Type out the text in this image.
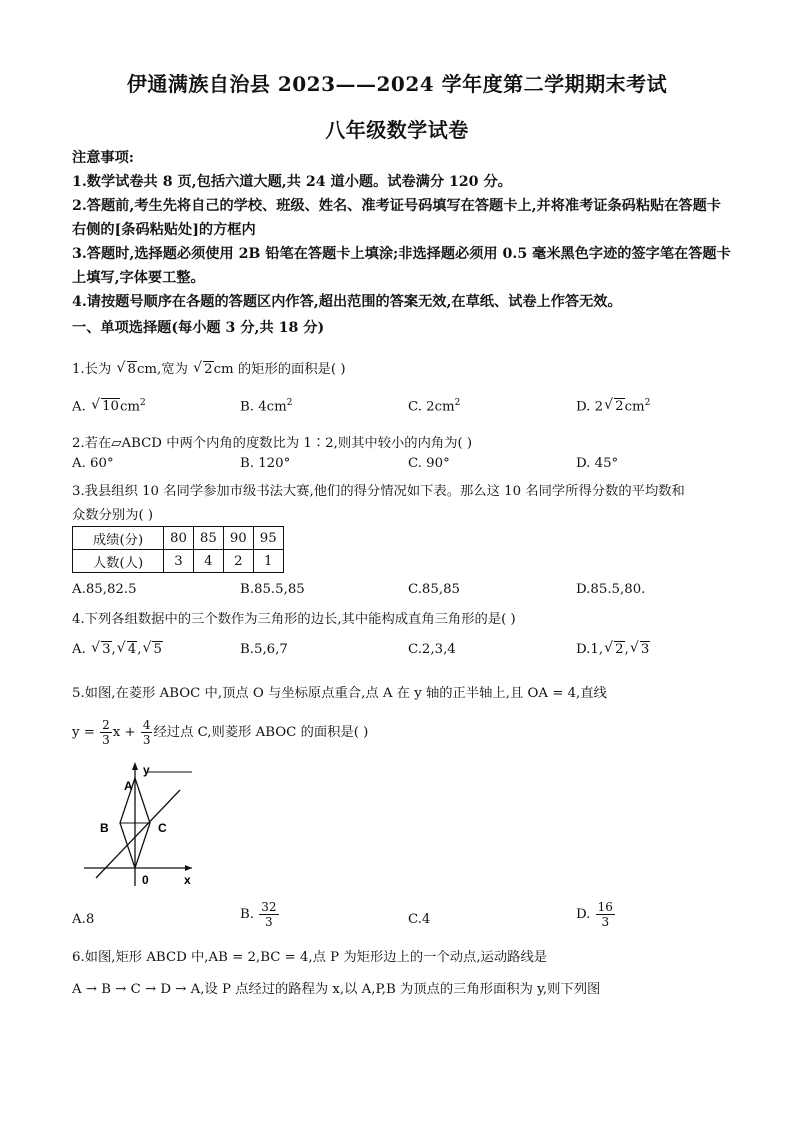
伊通满族自治县 2023——2024 学年度第二学期期末考试
八年级数学试卷
注意事项:
1.数学试卷共 8 页,包括六道大题,共 24 道小题。试卷满分 120 分。
2.答题前,考生先将自己的学校、班级、姓名、准考证号码填写在答题卡上,并将准考证条码粘贴在答题卡右侧的[条码粘贴处]的方框内
3.答题时,选择题必须使用 2B 铅笔在答题卡上填涂;非选择题必须用 0.5 毫米黑色字迹的签字笔在答题卡上填写,字体要工整。
4.请按题号顺序在各题的答题区内作答,超出范围的答案无效,在草纸、试卷上作答无效。
一、单项选择题(每小题 3 分,共 18 分)
1.长为 √ 8cm,宽为 √ 2cm 的矩形的面积是( )
A. √ $10cm^2$	B. $4cm^2$	C. $2cm^2$	D. 2 √ $2cm^2$
2.若在▱ABCD 中两个内角的度数比为 1∶2,则其中较小的内角为( )
A. 60°	B. 120°	C. 90°	D. 45°
3.我县组织 10 名同学参加市级书法大赛,他们的得分情况如下表。那么这 10 名同学所得分数的平均数和
众数分别为( )
成绩(分)	80	85	90	95
人数(人)	3	4	2	1
A.85,82.5	B.85.5,85	C.85,85	D.85.5,80.
4.下列各组数据中的三个数作为三角形的边长,其中能构成直角三角形的是( )
A. √ 3, √ 4, √ 5	B.5,6,7	C.2,3,4	D.1, √ 2, √ 3
5.如图,在菱形 ABOC 中,顶点 O 与坐标原点重合,点 A 在 y 轴的正半轴上,且 OA = 4,直线
$y = \frac{2}{3}$ $x + \frac{4}{3}$ 经过点 C,则菱形 ABOC 的面积是( )
y
x
0
A
B	C
A.8	B. $\frac{32}{3}$	C.4	D. $\frac{16}{3}$
6.如图,矩形 ABCD 中,AB = 2,BC = 4,点 P 为矩形边上的一个动点,运动路线是
A → B → C → D → A,设 P 点经过的路程为 x,以 A,P,B 为顶点的三角形面积为 y,则下列图
